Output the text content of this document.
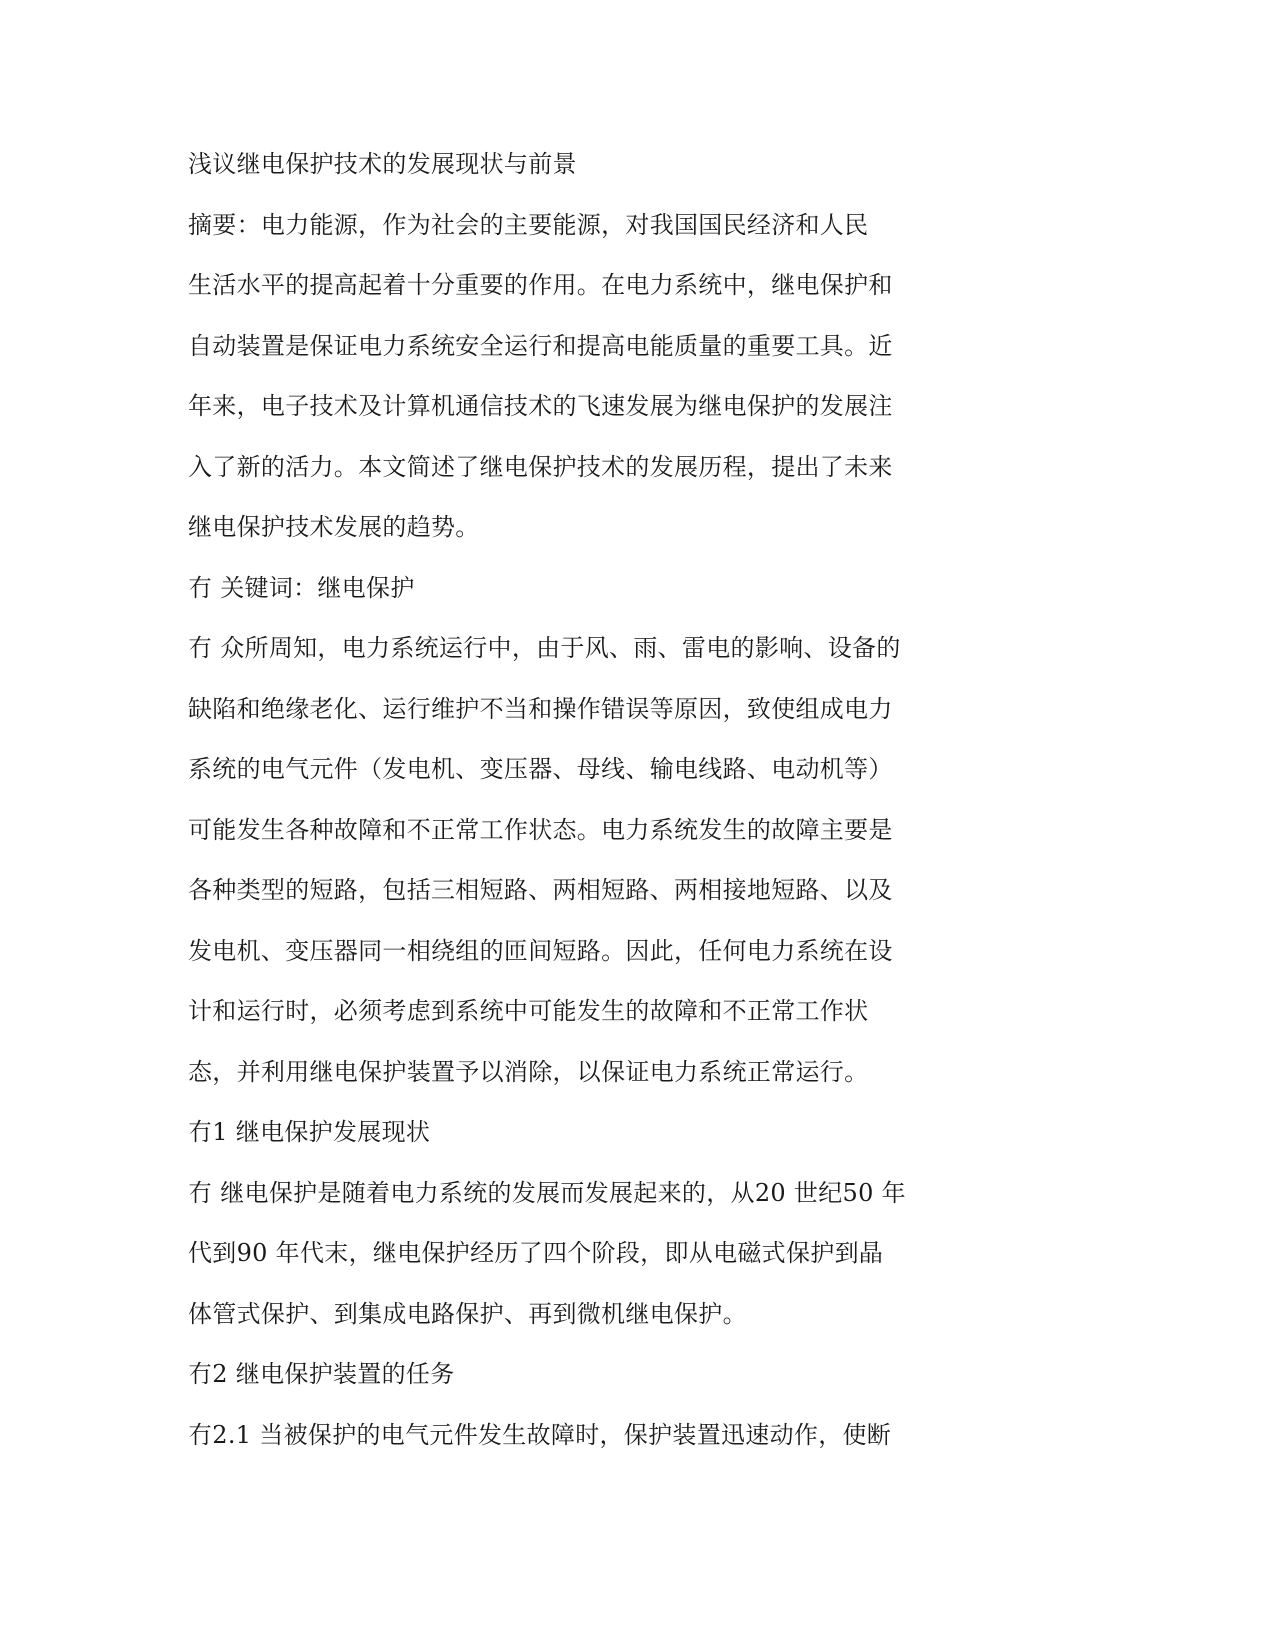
浅议继电保护技术的发展现状与前景
摘要：电力能源，作为社会的主要能源，对我国国民经济和人民
生活水平的提高起着十分重要的作用。在电力系统中，继电保护和
自动装置是保证电力系统安全运行和提高电能质量的重要工具。近
年来，电子技术及计算机通信技术的飞速发展为继电保护的发展注
入了新的活力。本文简述了继电保护技术的发展历程，提出了未来
继电保护技术发展的趋势。
冇 关键词：继电保护
冇 众所周知，电力系统运行中，由于风、雨、雷电的影响、设备的
缺陷和绝缘老化、运行维护不当和操作错误等原因，致使组成电力
系统的电气元件（发电机、变压器、母线、输电线路、电动机等）
可能发生各种故障和不正常工作状态。电力系统发生的故障主要是
各种类型的短路，包括三相短路、两相短路、两相接地短路、以及
发电机、变压器同一相绕组的匝间短路。因此，任何电力系统在设
计和运行时，必须考虑到系统中可能发生的故障和不正常工作状
态，并利用继电保护装置予以消除，以保证电力系统正常运行。
冇1 继电保护发展现状
冇 继电保护是随着电力系统的发展而发展起来的，从20 世纪50 年
代到90 年代末，继电保护经历了四个阶段，即从电磁式保护到晶
体管式保护、到集成电路保护、再到微机继电保护。
冇2 继电保护装置的任务
冇2.1 当被保护的电气元件发生故障时，保护装置迅速动作，使断
